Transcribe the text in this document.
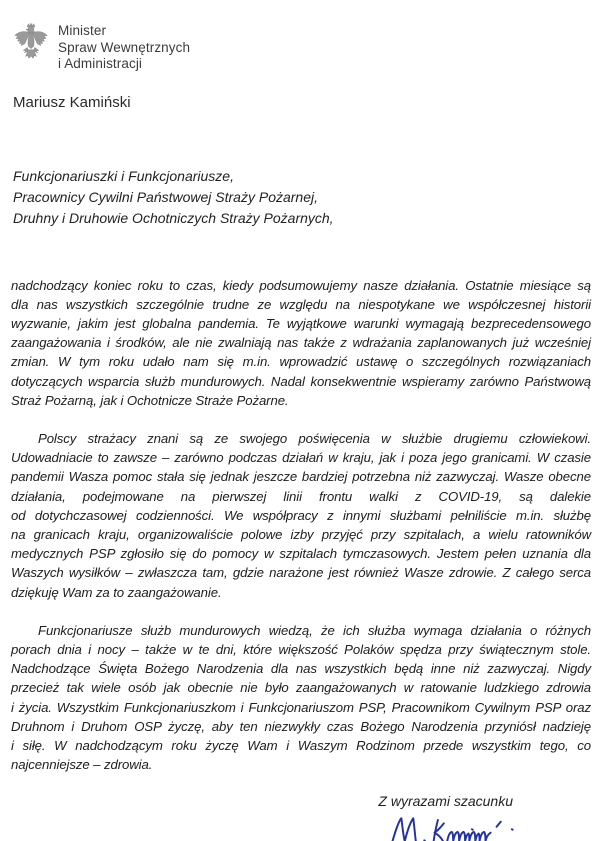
Minister
Spraw Wewnętrznych
i Administracji
Mariusz Kamiński
Funkcjonariuszki i Funkcjonariusze,
Pracownicy Cywilni Państwowej Straży Pożarnej,
Druhny i Druhowie Ochotniczych Straży Pożarnych,
nadchodzący koniec roku to czas, kiedy podsumowujemy nasze działania. Ostatnie miesiące są
dla nas wszystkich szczególnie trudne ze względu na niespotykane we współczesnej historii
wyzwanie, jakim jest globalna pandemia. Te wyjątkowe warunki wymagają bezprecedensowego
zaangażowania i środków, ale nie zwalniają nas także z wdrażania zaplanowanych już wcześniej
zmian. W tym roku udało nam się m.in. wprowadzić ustawę o szczególnych rozwiązaniach
dotyczących wsparcia służb mundurowych. Nadal konsekwentnie wspieramy zarówno Państwową
Straż Pożarną, jak i Ochotnicze Straże Pożarne.
Polscy strażacy znani są ze swojego poświęcenia w służbie drugiemu człowiekowi.
Udowadniacie to zawsze – zarówno podczas działań w kraju, jak i poza jego granicami. W czasie
pandemii Wasza pomoc stała się jednak jeszcze bardziej potrzebna niż zazwyczaj. Wasze obecne
działania, podejmowane na pierwszej linii frontu walki z COVID-19, są dalekie
od dotychczasowej codzienności. We współpracy z innymi służbami pełniliście m.in. służbę
na granicach kraju, organizowaliście polowe izby przyjęć przy szpitalach, a wielu ratowników
medycznych PSP zgłosiło się do pomocy w szpitalach tymczasowych. Jestem pełen uznania dla
Waszych wysiłków – zwłaszcza tam, gdzie narażone jest również Wasze zdrowie. Z całego serca
dziękuję Wam za to zaangażowanie.
Funkcjonariusze służb mundurowych wiedzą, że ich służba wymaga działania o różnych
porach dnia i nocy – także w te dni, które większość Polaków spędza przy świątecznym stole.
Nadchodzące Święta Bożego Narodzenia dla nas wszystkich będą inne niż zazwyczaj. Nigdy
przecież tak wiele osób jak obecnie nie było zaangażowanych w ratowanie ludzkiego zdrowia
i życia. Wszystkim Funkcjonariuszkom i Funkcjonariuszom PSP, Pracownikom Cywilnym PSP oraz
Druhnom i Druhom OSP życzę, aby ten niezwykły czas Bożego Narodzenia przyniósł nadzieję
i siłę. W nadchodzącym roku życzę Wam i Waszym Rodzinom przede wszystkim tego, co
najcenniejsze – zdrowia.
Z wyrazami szacunku
